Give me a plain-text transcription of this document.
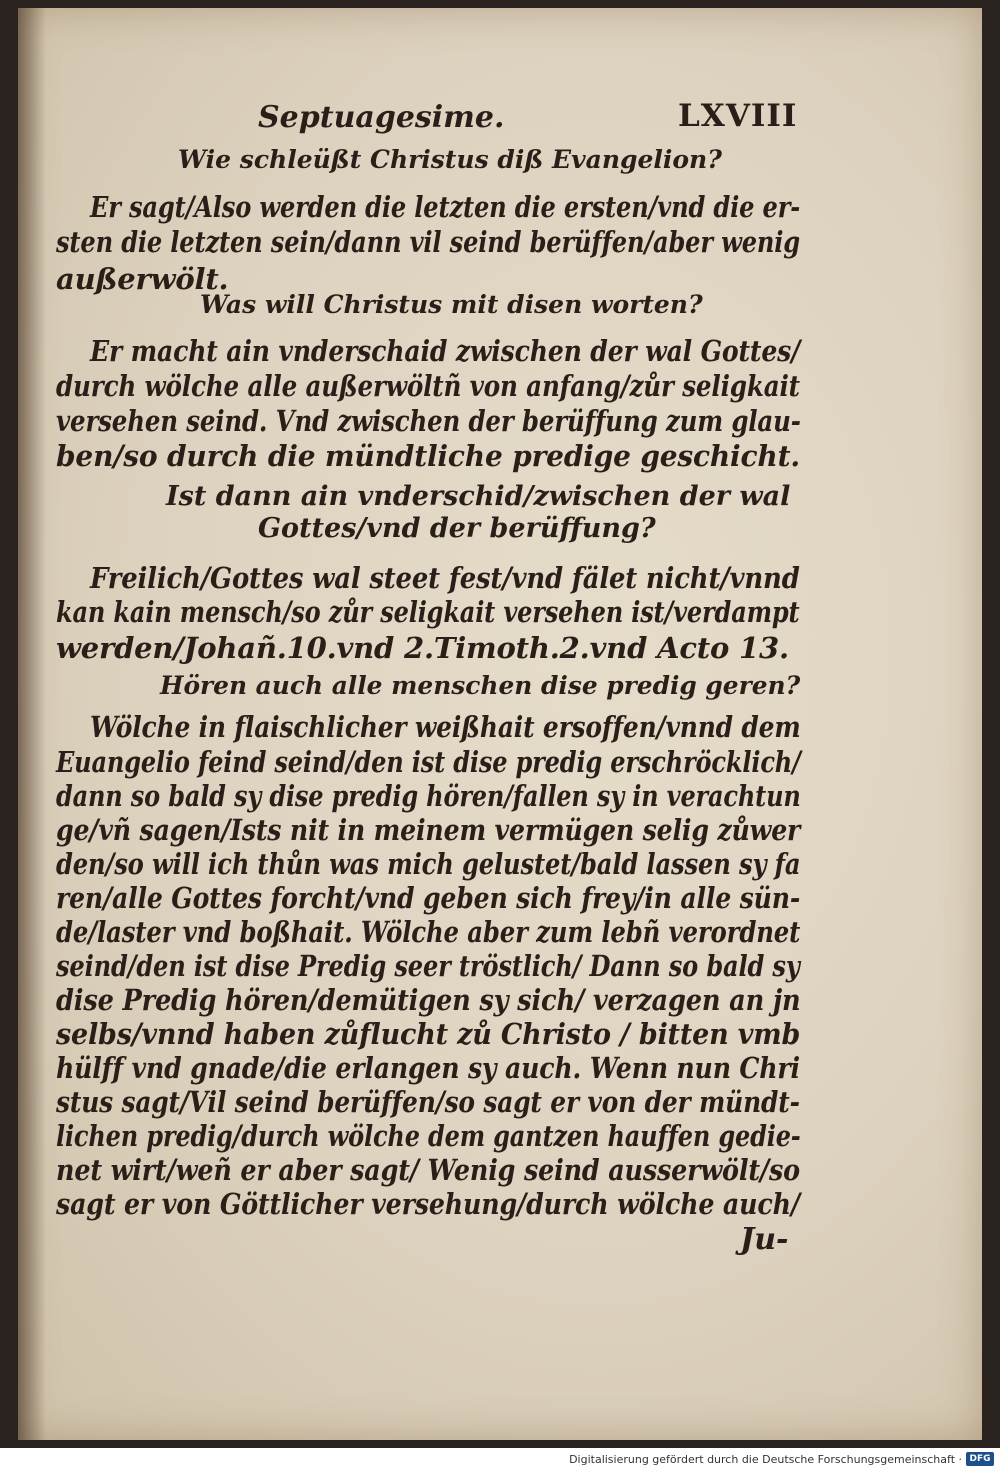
Septuagesime.	LXVIII
Wie schleüßt Christus diß Evangelion?
Er sagt/Also werden die letzten die ersten/vnd die er-
sten die letzten sein/dann vil seind berüffen/aber wenig
außerwölt.
Was will Christus mit disen worten?
Er macht ain vnderschaid zwischen der wal Gottes/
durch wölche alle außerwöltñ von anfang/zůr seligkait
versehen seind. Vnd zwischen der berüffung zum glau-
ben/so durch die mündtliche predige geschicht.
Ist dann ain vnderschid/zwischen der wal
Gottes/vnd der berüffung?
Freilich/Gottes wal steet fest/vnd fälet nicht/vnnd
kan kain mensch/so zůr seligkait versehen ist/verdampt
werden/Johañ.10.vnd 2.Timoth.2.vnd Acto 13.
Hören auch alle menschen dise predig geren?
Wölche in flaischlicher weißhait ersoffen/vnnd dem
Euangelio feind seind/den ist dise predig erschröcklich/
dann so bald sy dise predig hören/fallen sy in verachtun
ge/vñ sagen/Ists nit in meinem vermügen selig zůwer
den/so will ich thůn was mich gelustet/bald lassen sy fa
ren/alle Gottes forcht/vnd geben sich frey/in alle sün-
de/laster vnd boßhait. Wölche aber zum lebñ verordnet
seind/den ist dise Predig seer tröstlich/ Dann so bald sy
dise Predig hören/demütigen sy sich/ verzagen an jn
selbs/vnnd haben zůflucht zů Christo / bitten vmb
hülff vnd gnade/die erlangen sy auch. Wenn nun Chri
stus sagt/Vil seind berüffen/so sagt er von der mündt-
lichen predig/durch wölche dem gantzen hauffen gedie-
net wirt/weñ er aber sagt/ Wenig seind ausserwölt/so
sagt er von Göttlicher versehung/durch wölche auch/
Ju-
Digitalisierung gefördert durch die Deutsche Forschungsgemeinschaft · DFG
